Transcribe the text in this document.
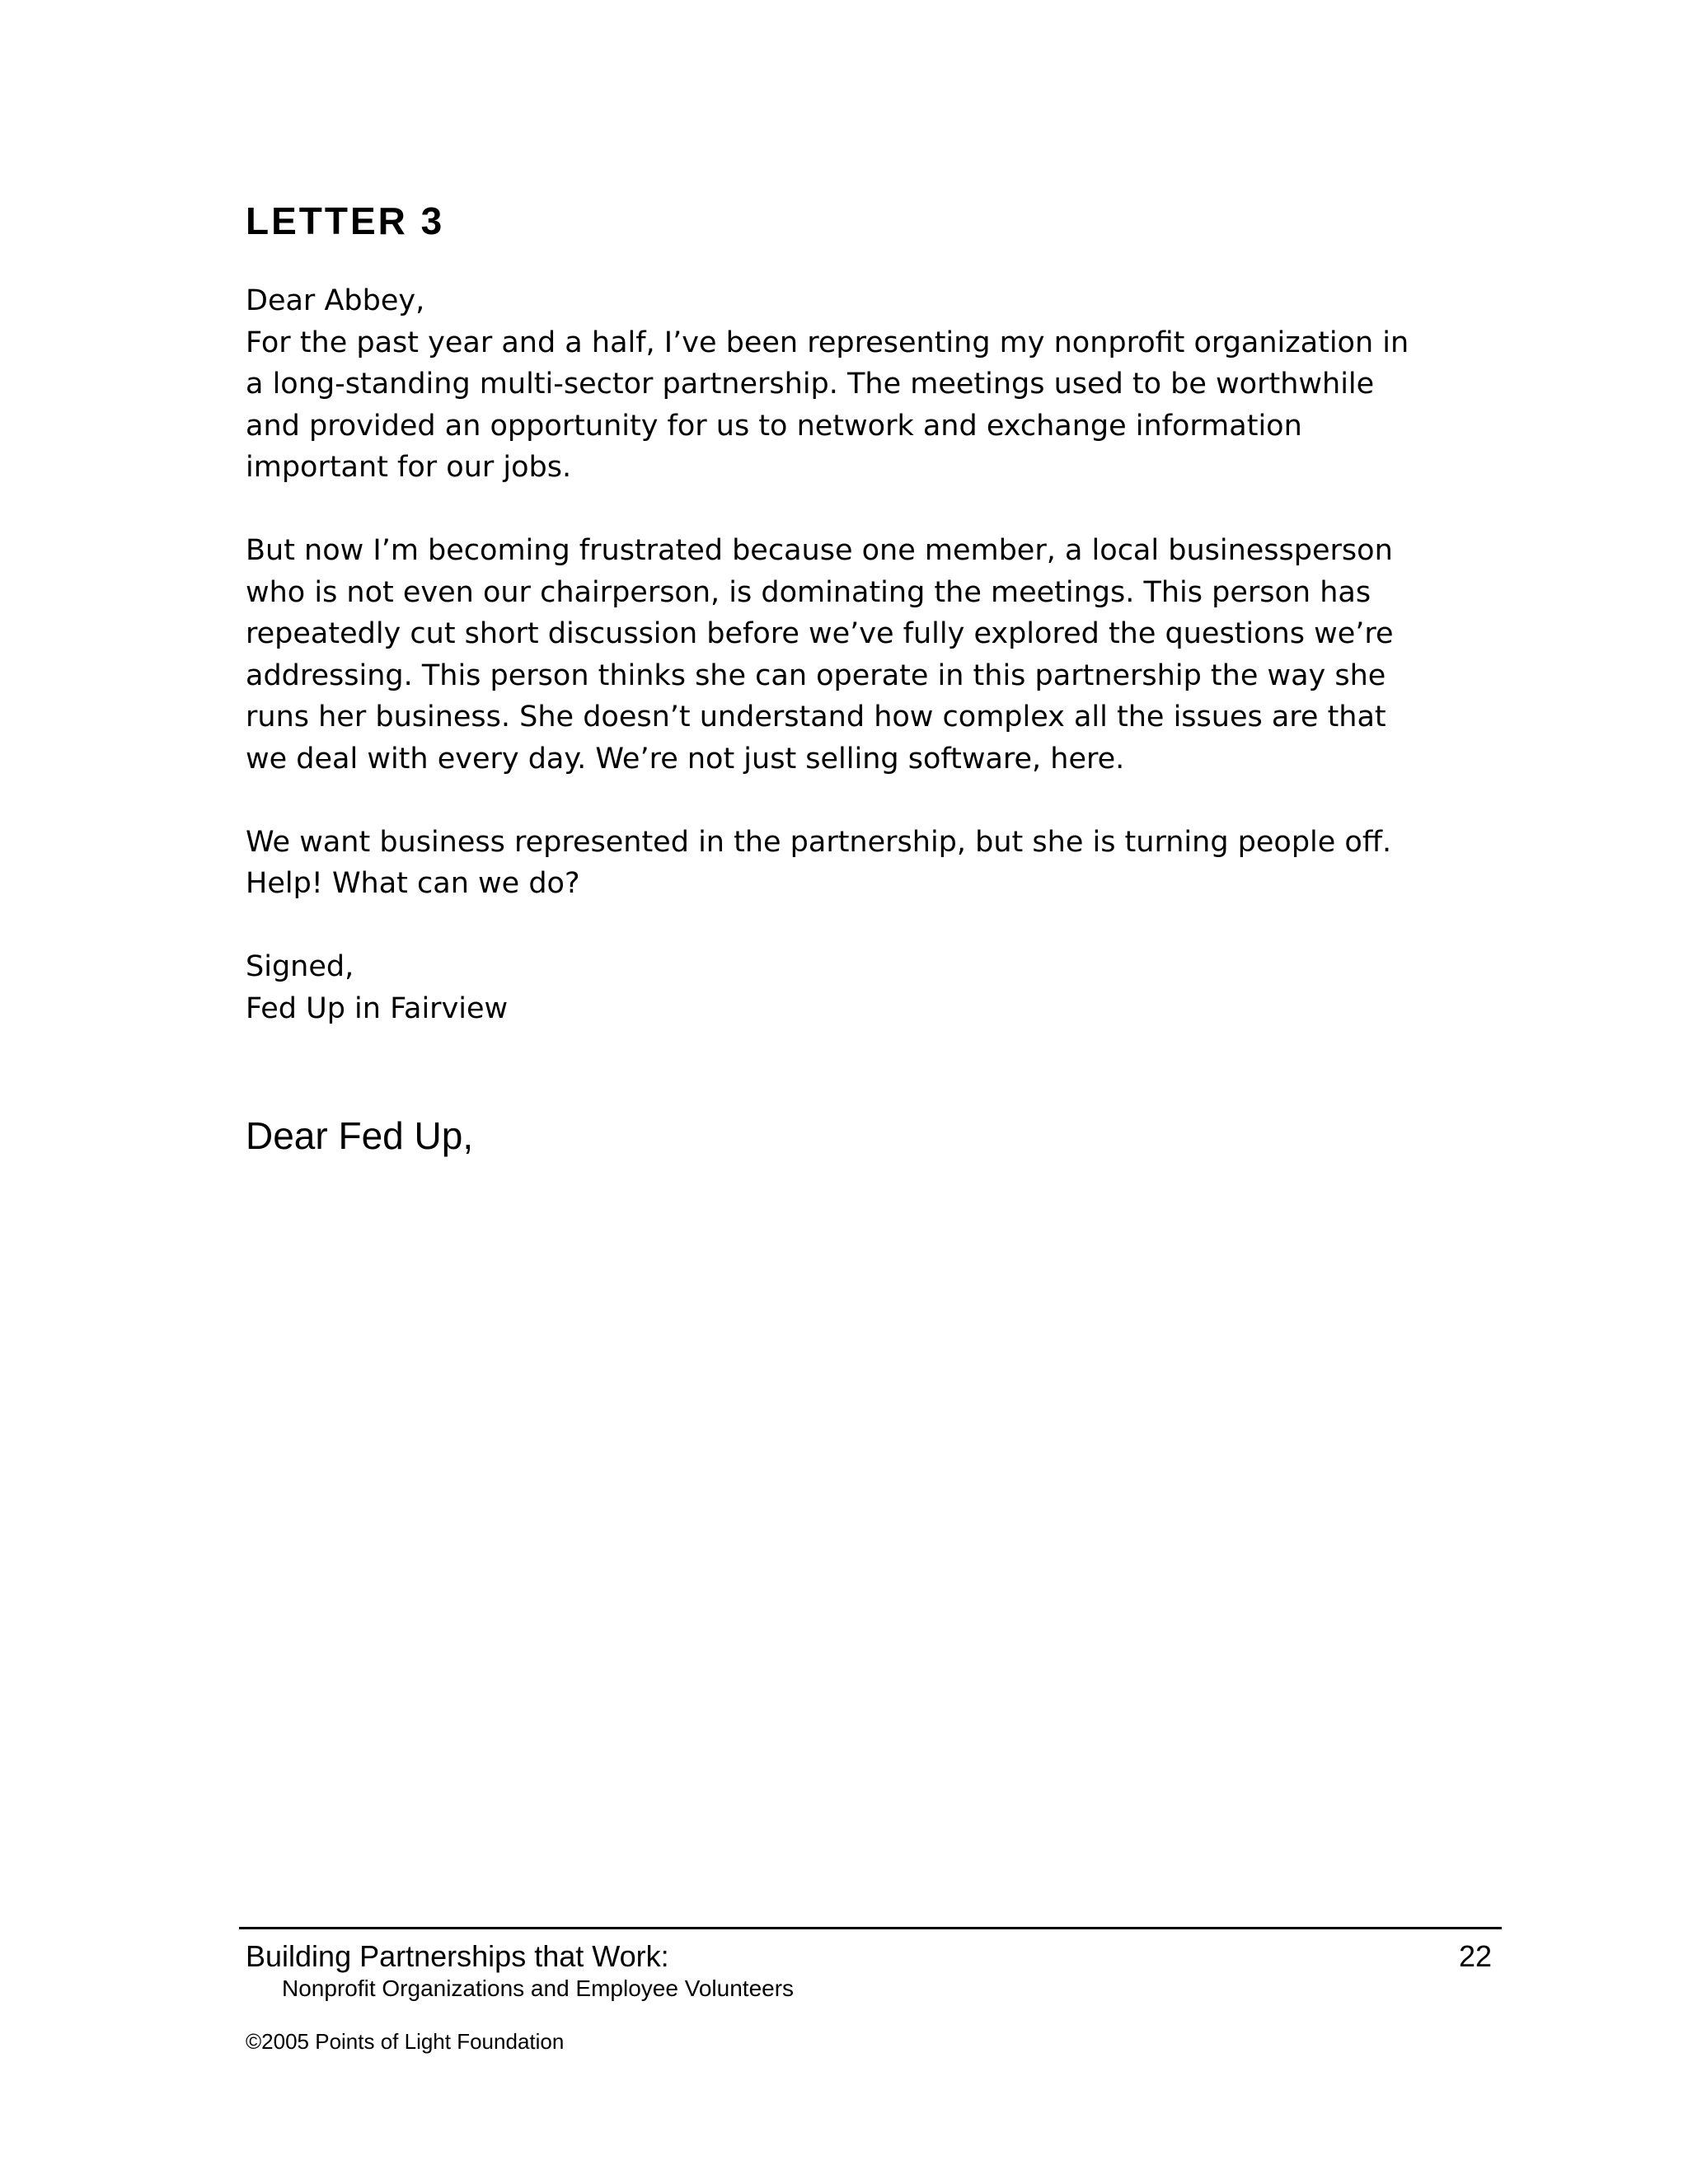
LETTER 3

Dear Abbey,

For the past year and a half, I’ve been representing my nonprofit organization in
a long-standing multi-sector partnership. The meetings used to be worthwhile
and provided an opportunity for us to network and exchange information
important for our jobs.

But now I’m becoming frustrated because one member, a local businessperson
who is not even our chairperson, is dominating the meetings. This person has
repeatedly cut short discussion before we’ve fully explored the questions we’re
addressing. This person thinks she can operate in this partnership the way she
runs her business. She doesn’t understand how complex all the issues are that
we deal with every day. We’re not just selling software, here.

We want business represented in the partnership, but she is turning people off.
Help! What can we do?

Signed,

Fed Up in Fairview

Dear Fed Up,

Building Partnerships that Work:
Nonprofit Organizations and Employee Volunteers
22
©2005 Points of Light Foundation
